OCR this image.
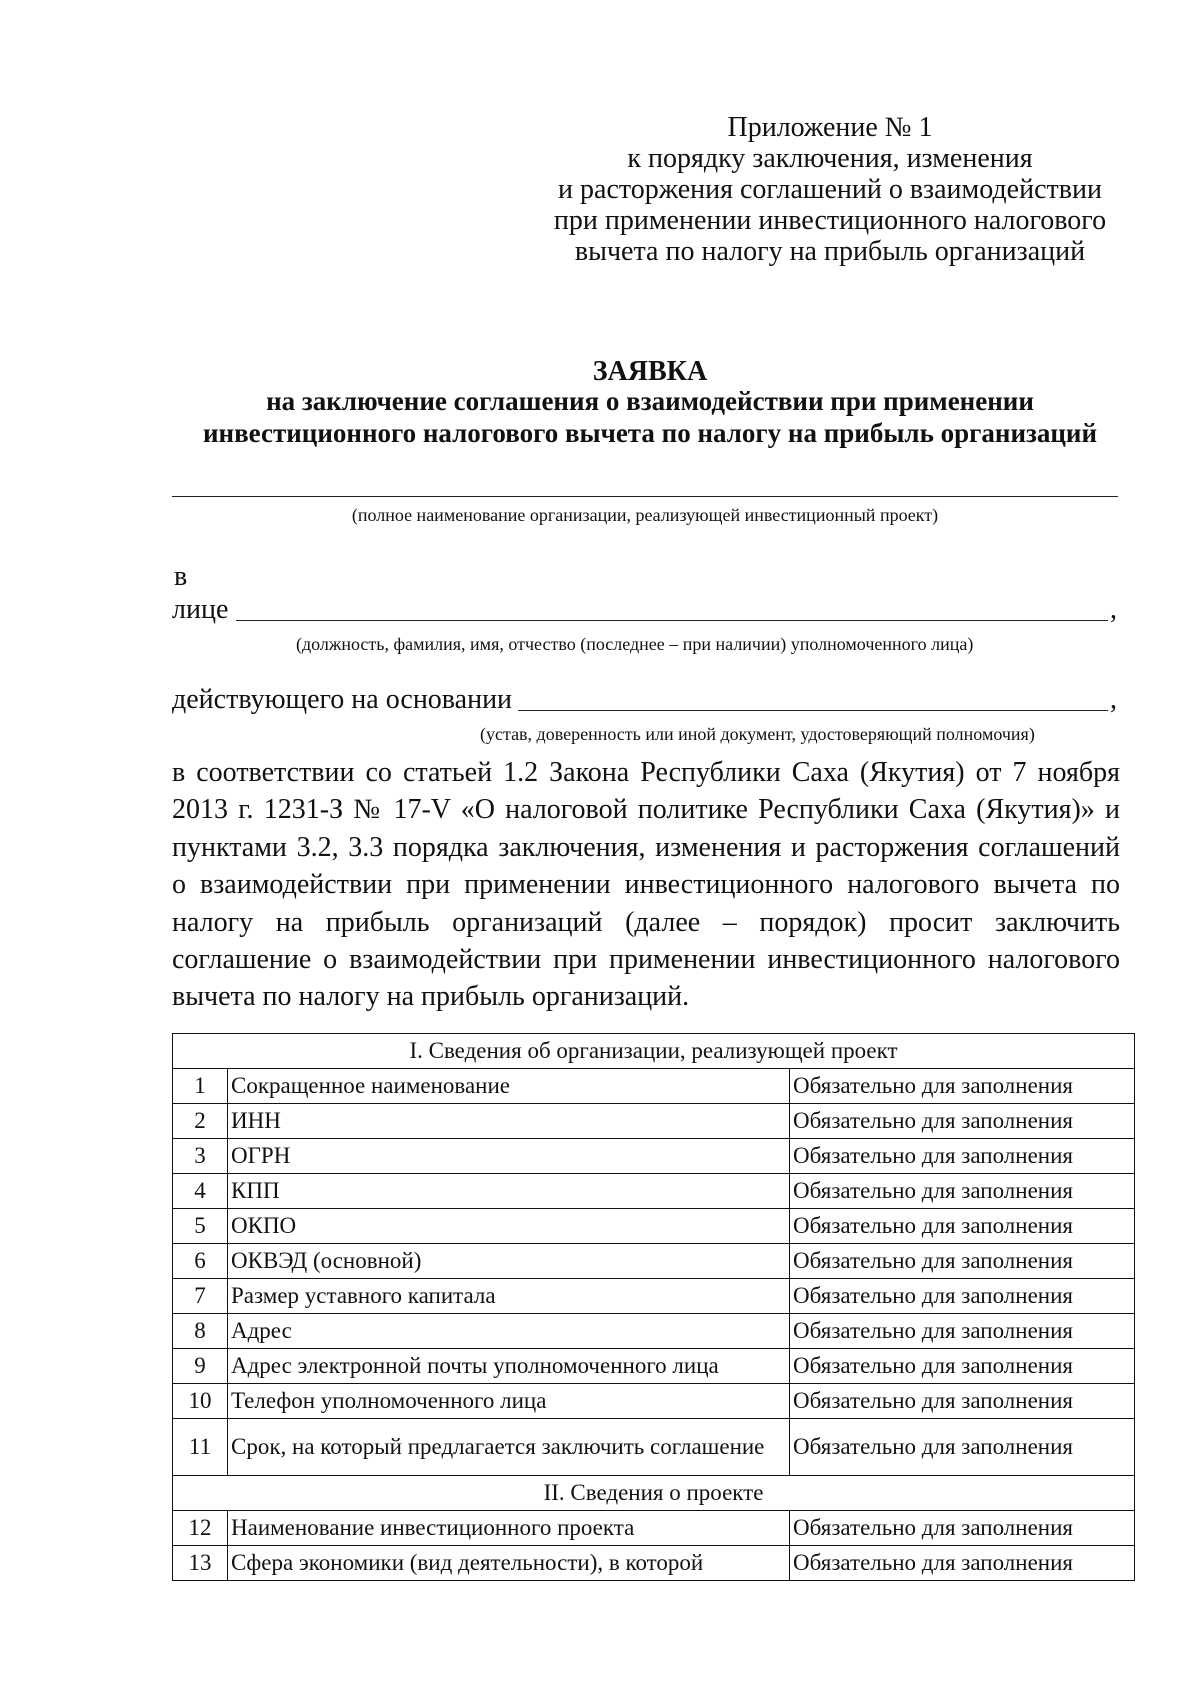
Приложение № 1
к порядку заключения, изменения
и расторжения соглашений о взаимодействии
при применении инвестиционного налогового
вычета по налогу на прибыль организаций
ЗАЯВКА
на заключение соглашения о взаимодействии при применении
инвестиционного налогового вычета по налогу на прибыль организаций
(полное наименование организации, реализующей инвестиционный проект)
в
лице	,
(должность, фамилия, имя, отчество (последнее – при наличии) уполномоченного лица)
действующего на основании	,
(устав, доверенность или иной документ, удостоверяющий полномочия)
в соответствии со статьей 1.2 Закона Республики Саха (Якутия) от 7 ноября
2013 г. 1231-З № 17-V «О налоговой политике Республики Саха (Якутия)» и
пунктами 3.2, 3.3 порядка заключения, изменения и расторжения соглашений
о взаимодействии при применении инвестиционного налогового вычета по
налогу на прибыль организаций (далее – порядок) просит заключить
соглашение о взаимодействии при применении инвестиционного налогового
вычета по налогу на прибыль организаций.
I. Сведения об организации, реализующей проект		
1	Сокращенное наименование	Обязательно для заполнения
2	ИНН	Обязательно для заполнения
3	ОГРН	Обязательно для заполнения
4	КПП	Обязательно для заполнения
5	ОКПО	Обязательно для заполнения
6	ОКВЭД (основной)	Обязательно для заполнения
7	Размер уставного капитала	Обязательно для заполнения
8	Адрес	Обязательно для заполнения
9	Адрес электронной почты уполномоченного лица	Обязательно для заполнения
10	Телефон уполномоченного лица	Обязательно для заполнения
11	Срок, на который предлагается заключить соглашение	Обязательно для заполнения
II. Сведения о проекте		
12	Наименование инвестиционного проекта	Обязательно для заполнения
13	Сфера экономики (вид деятельности), в которой	Обязательно для заполнения
